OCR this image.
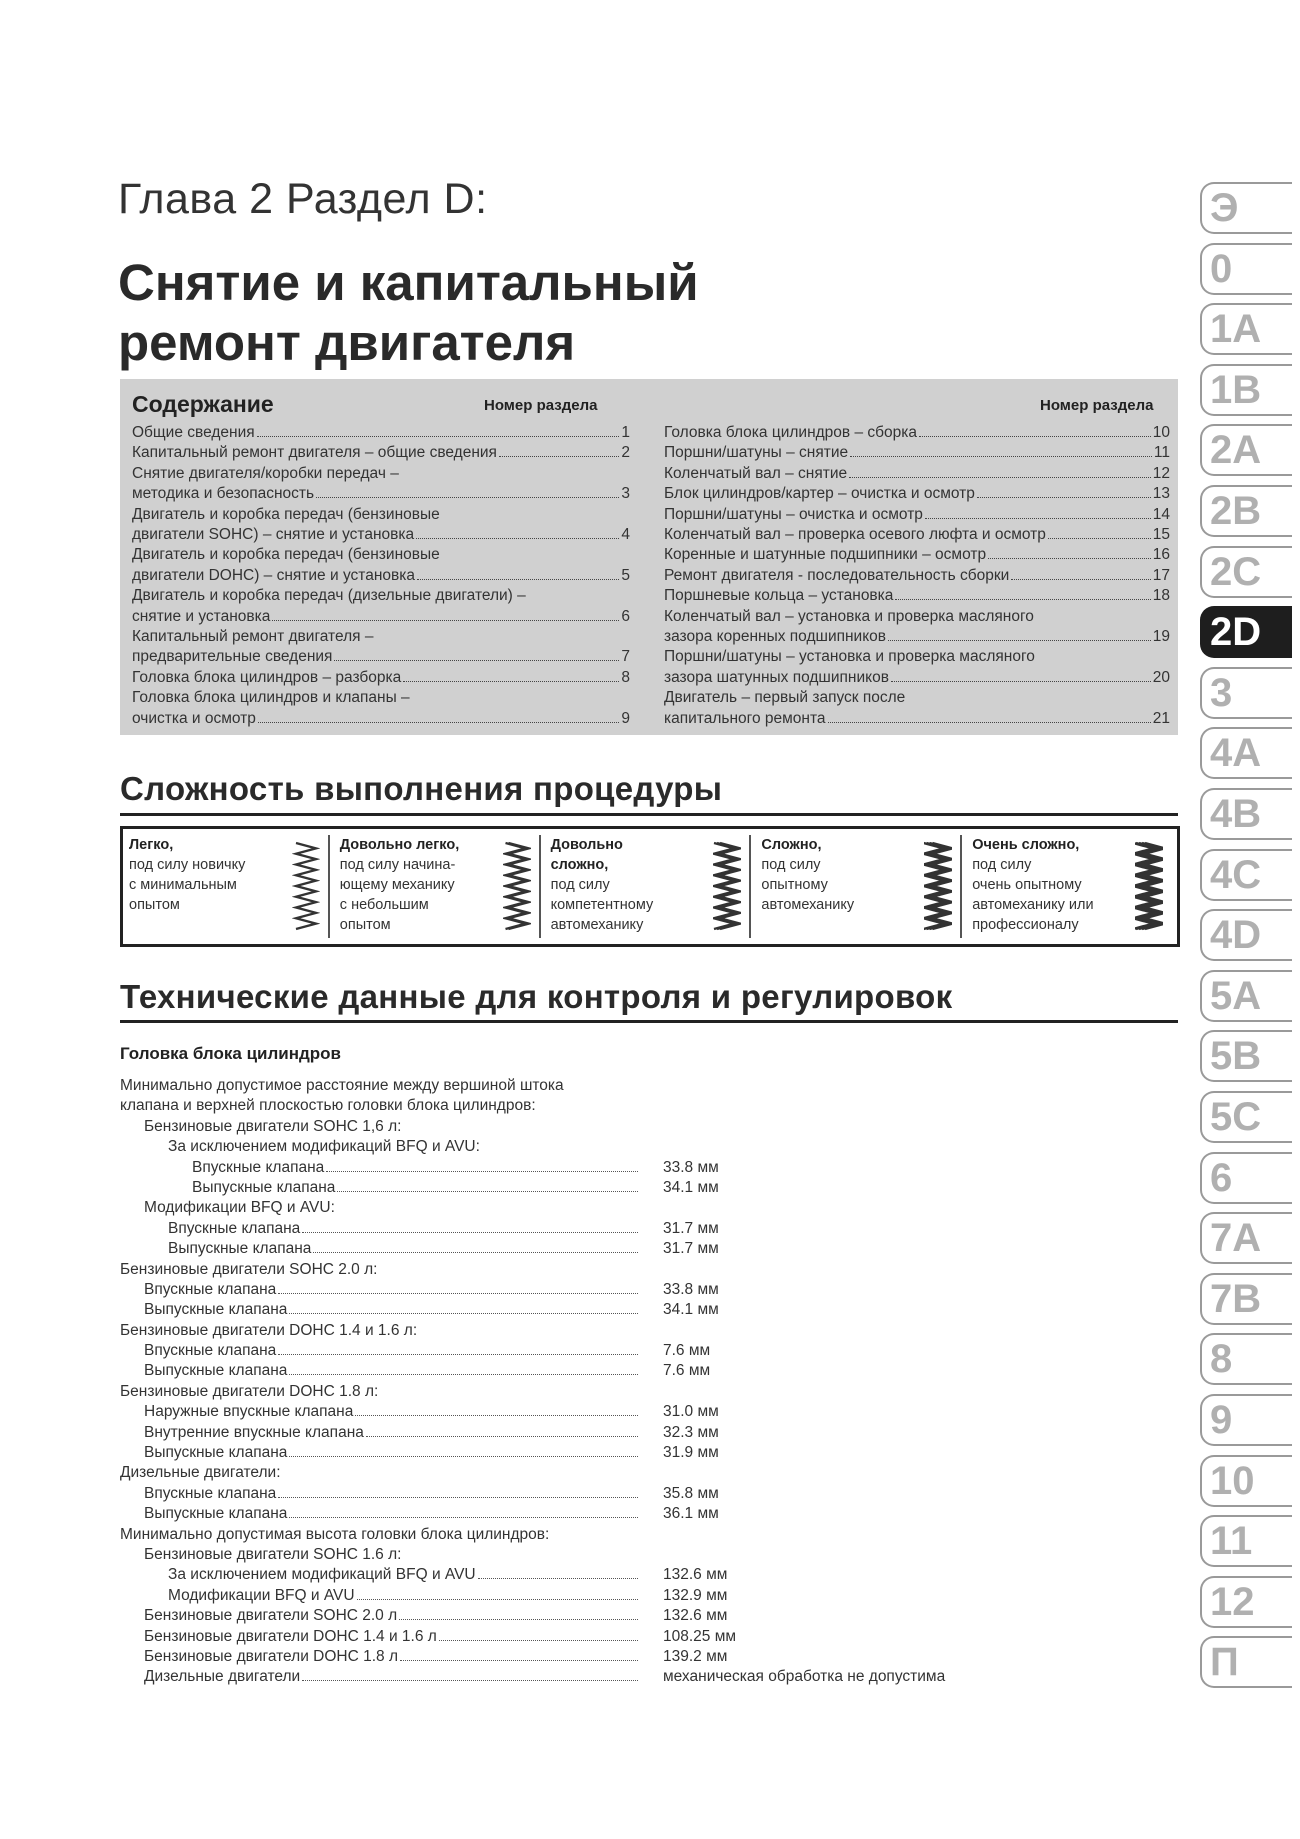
Глава 2 Раздел D:
Снятие и капитальный
ремонт двигателя
Содержание	Номер раздела	Номер раздела
Общие сведения	1
Капитальный ремонт двигателя – общие сведения	2
Снятие двигателя/коробки передач –
методика и безопасность	3
Двигатель и коробка передач (бензиновые
двигатели SOHC) – снятие и установка	4
Двигатель и коробка передач (бензиновые
двигатели DOHC) – снятие и установка	5
Двигатель и коробка передач (дизельные двигатели) –
снятие и установка	6
Капитальный ремонт двигателя –
предварительные сведения	7
Головка блока цилиндров – разборка	8
Головка блока цилиндров и клапаны –
очистка и осмотр	9
Головка блока цилиндров – сборка	10
Поршни/шатуны – снятие	11
Коленчатый вал – снятие	12
Блок цилиндров/картер – очистка и осмотр	13
Поршни/шатуны – очистка и осмотр	14
Коленчатый вал – проверка осевого люфта и осмотр	15
Коренные и шатунные подшипники – осмотр	16
Ремонт двигателя - последовательность сборки	17
Поршневые кольца – установка	18
Коленчатый вал – установка и проверка масляного
зазора коренных подшипников	19
Поршни/шатуны – установка и проверка масляного
зазора шатунных подшипников	20
Двигатель – первый запуск после
капитального ремонта	21
Сложность выполнения процедуры
Легко,
под силу новичку
с минимальным
опытом

Довольно легко,
под силу начина-
ющему механику
с небольшим
опытом

Довольно
сложно,
под силу
компетентному
автомеханику

Сложно,
под силу
опытному
автомеханику

Очень сложно,
под силу
очень опытному
автомеханику или
профессионалу

Технические данные для контроля и регулировок
Головка блока цилиндров
Минимально допустимое расстояние между вершиной штока
клапана и верхней плоскостью головки блока цилиндров:
Бензиновые двигатели SOHC 1,6 л:
За исключением модификаций BFQ и AVU:
Впускные клапана	33.8 мм
Выпускные клапана	34.1 мм
Модификации BFQ и AVU:
Впускные клапана	31.7 мм
Выпускные клапана	31.7 мм
Бензиновые двигатели SOHC 2.0 л:
Впускные клапана	33.8 мм
Выпускные клапана	34.1 мм
Бензиновые двигатели DOHC 1.4 и 1.6 л:
Впускные клапана	7.6 мм
Выпускные клапана	7.6 мм
Бензиновые двигатели DOHC 1.8 л:
Наружные впускные клапана	31.0 мм
Внутренние впускные клапана	32.3 мм
Выпускные клапана	31.9 мм
Дизельные двигатели:
Впускные клапана	35.8 мм
Выпускные клапана	36.1 мм
Минимально допустимая высота головки блока цилиндров:
Бензиновые двигатели SOHC 1.6 л:
За исключением модификаций BFQ и AVU	132.6 мм
Модификации BFQ и AVU	132.9 мм
Бензиновые двигатели SOHC 2.0 л	132.6 мм
Бензиновые двигатели DOHC 1.4 и 1.6 л	108.25 мм
Бензиновые двигатели DOHC 1.8 л	139.2 мм
Дизельные двигатели	механическая обработка не допустима
Э
0
1A
1B
2A
2B
2C
2D
3
4A
4B
4C
4D
5A
5B
5C
6
7A
7B
8
9
10
11
12
П
